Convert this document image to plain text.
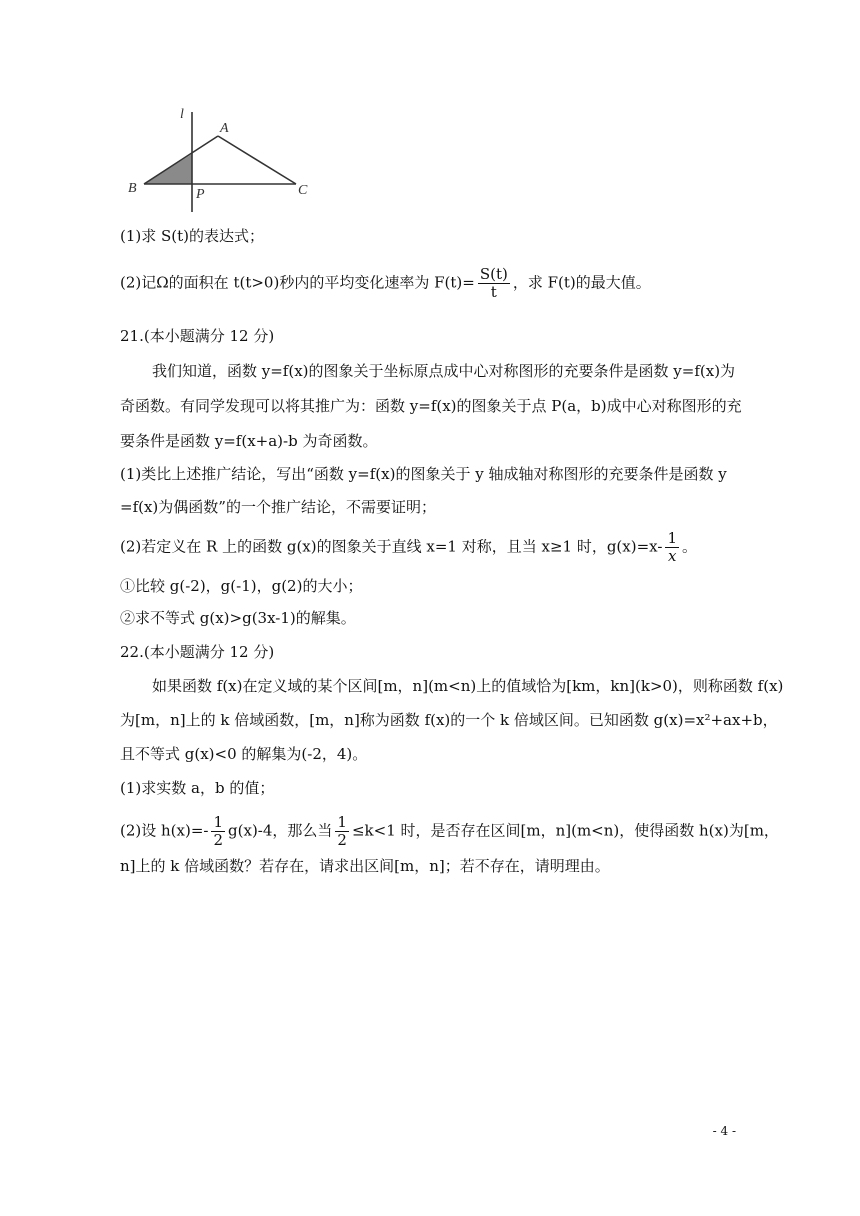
l
A
B	P	C
(1)求 S(t)的表达式；
(2)记Ω的面积在 t(t>0)秒内的平均变化速率为 $F(t)= \frac{S(t)}{t}$ ，求 F(t)的最大值。
21.(本小题满分 12 分)
我们知道，函数 y=f(x)的图象关于坐标原点成中心对称图形的充要条件是函数 y=f(x)为
奇函数。有同学发现可以将其推广为：函数 y=f(x)的图象关于点 P(a，b)成中心对称图形的充
要条件是函数 y=f(x+a)-b 为奇函数。
(1)类比上述推广结论，写出“函数 y=f(x)的图象关于 y 轴成轴对称图形的充要条件是函数 y
=f(x)为偶函数”的一个推广结论，不需要证明；
(2)若定义在 R 上的函数 g(x)的图象关于直线 x=1 对称，且当 x≥1 时，$g(x)=x- \frac{1}{x}$ 。
①比较 g(-2)，g(-1)，g(2)的大小；
②求不等式 g(x)>g(3x-1)的解集。
22.(本小题满分 12 分)
如果函数 f(x)在定义域的某个区间[m，n](m<n)上的值域恰为[km，kn](k>0)，则称函数 f(x)
为[m，n]上的 k 倍域函数，[m，n]称为函数 f(x)的一个 k 倍域区间。已知函数 g(x)=x²+ax+b，
且不等式 g(x)<0 的解集为(-2，4)。
(1)求实数 a，b 的值；
(2)设 $h(x)=- \frac{1}{2} g(x)-4$，那么当 $\frac{1}{2} \le k<1$ 时，是否存在区间[m，n](m<n)，使得函数 h(x)为[m，
n]上的 k 倍域函数？若存在，请求出区间[m，n]；若不存在，请明理由。
- 4 -
